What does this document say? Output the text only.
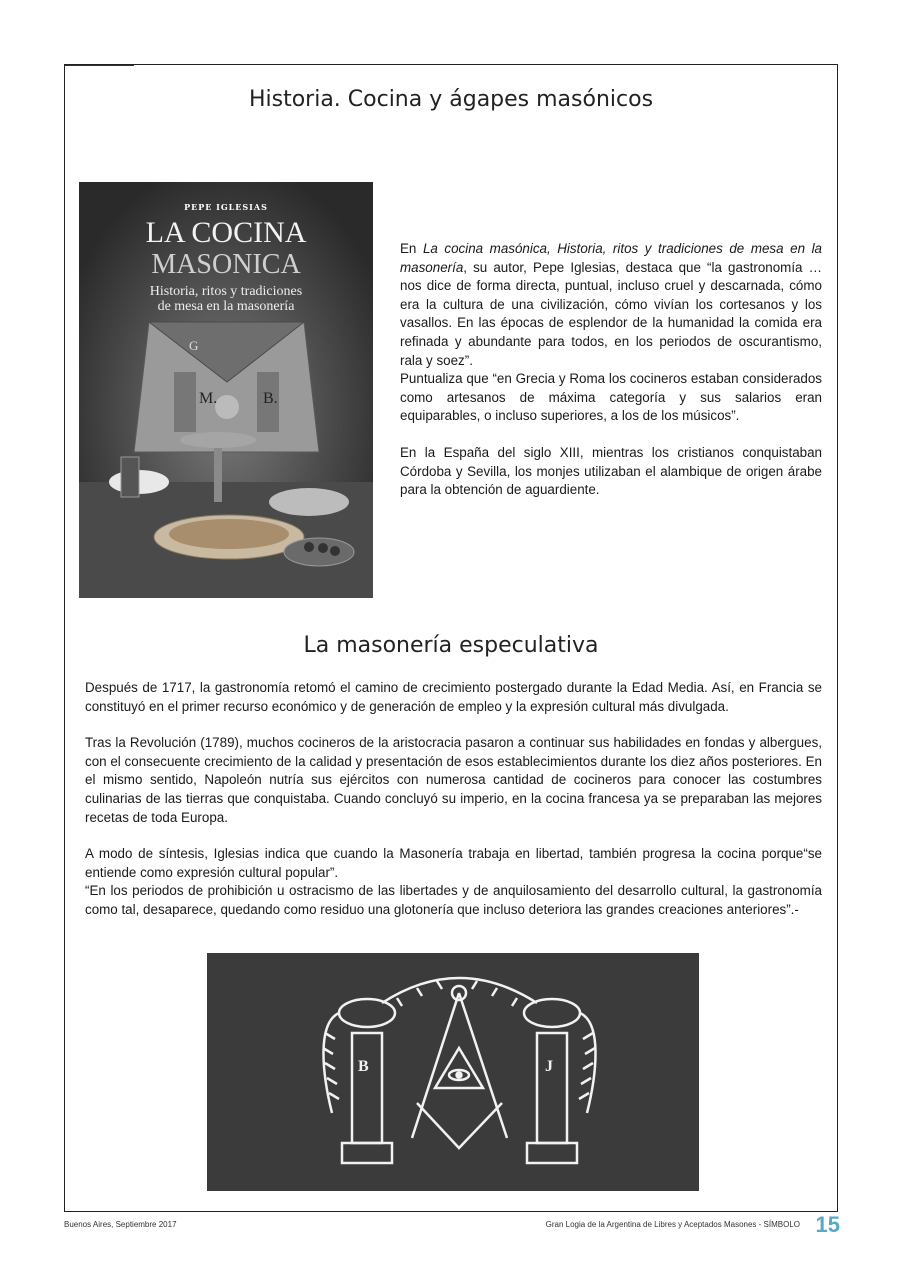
Historia. Cocina y ágapes masónicos
PEPE IGLESIAS
LA COCINA
MASONICA
Historia, ritos y tradiciones
de mesa en la masonería
G
M.	B.

En La cocina masónica, Historia, ritos y tradiciones de mesa en la masonería, su autor, Pepe Iglesias, destaca que “la gastronomía …nos dice de forma directa, puntual, incluso cruel y descarnada, cómo era la cultura de una civilización, cómo vivían los cortesanos y los vasallos. En las épocas de esplendor de la humanidad la comida era refinada y abundante para todos, en los periodos de oscurantismo, rala y soez”.

Puntualiza que “en Grecia y Roma los cocineros estaban considerados como artesanos de máxima categoría y sus salarios eran equiparables, o incluso superiores, a los de los músicos”.

En la España del siglo XIII, mientras los cristianos conquistaban Córdoba y Sevilla, los monjes utilizaban el alambique de origen árabe para la obtención de aguardiente.

La masonería especulativa

Después de 1717, la gastronomía retomó el camino de crecimiento postergado durante la Edad Media. Así, en Francia se constituyó en el primer recurso económico y de generación de empleo y la expresión cultural más divulgada.

Tras la Revolución (1789), muchos cocineros de la aristocracia pasaron a continuar sus habilidades en fondas y albergues, con el consecuente crecimiento de la calidad y presentación de esos establecimientos durante los diez años posteriores. En el mismo sentido, Napoleón nutría sus ejércitos con numerosa cantidad de cocineros para conocer las costumbres culinarias de las tierras que conquistaba. Cuando concluyó su imperio, en la cocina francesa ya se preparaban las mejores recetas de toda Europa.

A modo de síntesis, Iglesias indica que cuando la Masonería trabaja en libertad, también progresa la cocina porque“se entiende como expresión cultural popular”.

“En los periodos de prohibición u ostracismo de las libertades y de anquilosamiento del desarrollo cultural, la gastronomía como tal, desaparece, quedando como residuo una glotonería que incluso deteriora las grandes creaciones anteriores”.-

B	J
Buenos Aires, Septiembre 2017	Gran Logia de la Argentina de Libres y Aceptados Masones - SÍMBOLO 15
